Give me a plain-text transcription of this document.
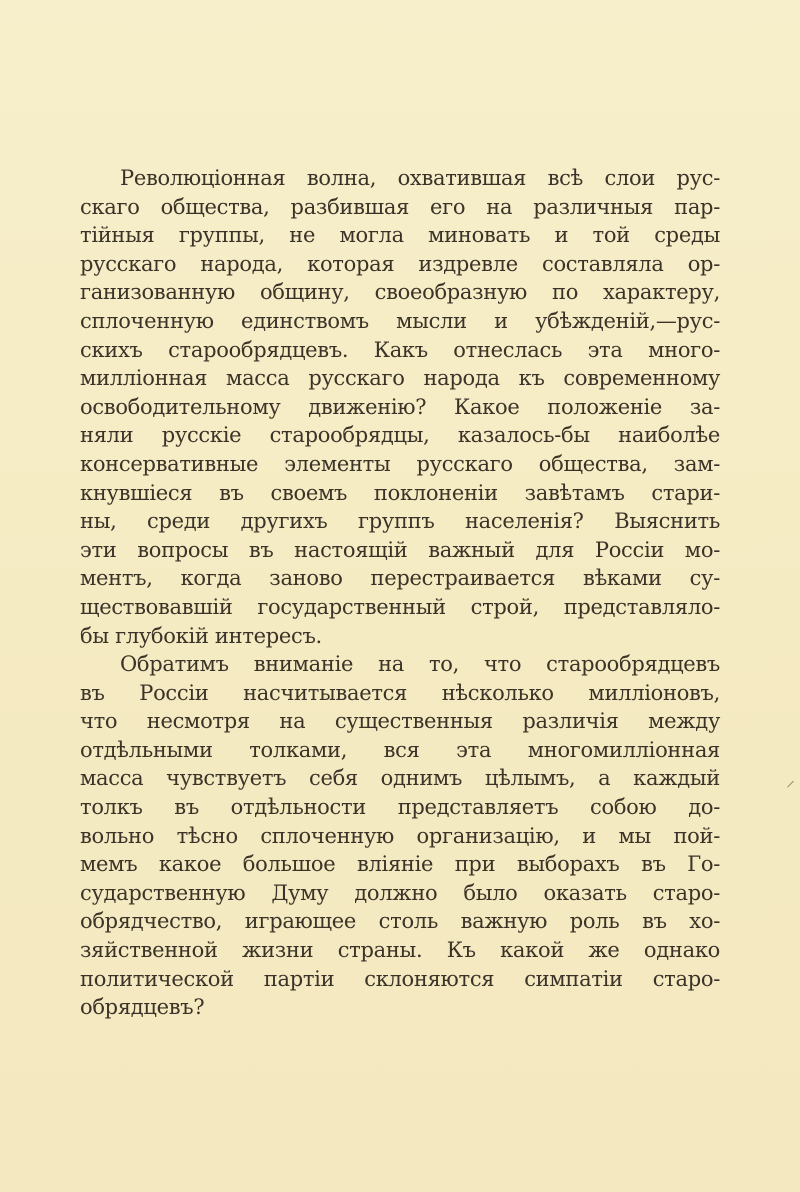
Революціонная волна, охватившая всѣ слои рус-
скаго общества, разбившая его на различныя пар-
тійныя группы, не могла миновать и той среды
русскаго народа, которая издревле составляла ор-
ганизованную общину, своеобразную по характеру,
сплоченную единствомъ мысли и убѣжденій,—рус-
скихъ старообрядцевъ. Какъ отнеслась эта много-
милліонная масса русскаго народа къ современному
освободительному движенію? Какое положеніе за-
няли русскіе старообрядцы, казалось-бы наиболѣе
консервативные элементы русскаго общества, зам-
кнувшіеся въ своемъ поклоненіи завѣтамъ стари-
ны, среди другихъ группъ населенія? Выяснить
эти вопросы въ настоящій важный для Россіи мо-
ментъ, когда заново перестраивается вѣками су-
ществовавшій государственный строй, представляло-
бы глубокій интересъ.
Обратимъ вниманіе на то, что старообрядцевъ
въ Россіи насчитывается нѣсколько милліоновъ,
что несмотря на существенныя различія между
отдѣльными толками, вся эта многомилліонная
масса чувствуетъ себя однимъ цѣлымъ, а каждый
толкъ въ отдѣльности представляетъ собою до-
вольно тѣсно сплоченную организацію, и мы пой-
мемъ какое большое вліяніе при выборахъ въ Го-
сударственную Думу должно было оказать старо-
обрядчество, играющее столь важную роль въ хо-
зяйственной жизни страны. Къ какой же однако
политической партіи склоняются симпатіи старо-
обрядцевъ?
⸝
